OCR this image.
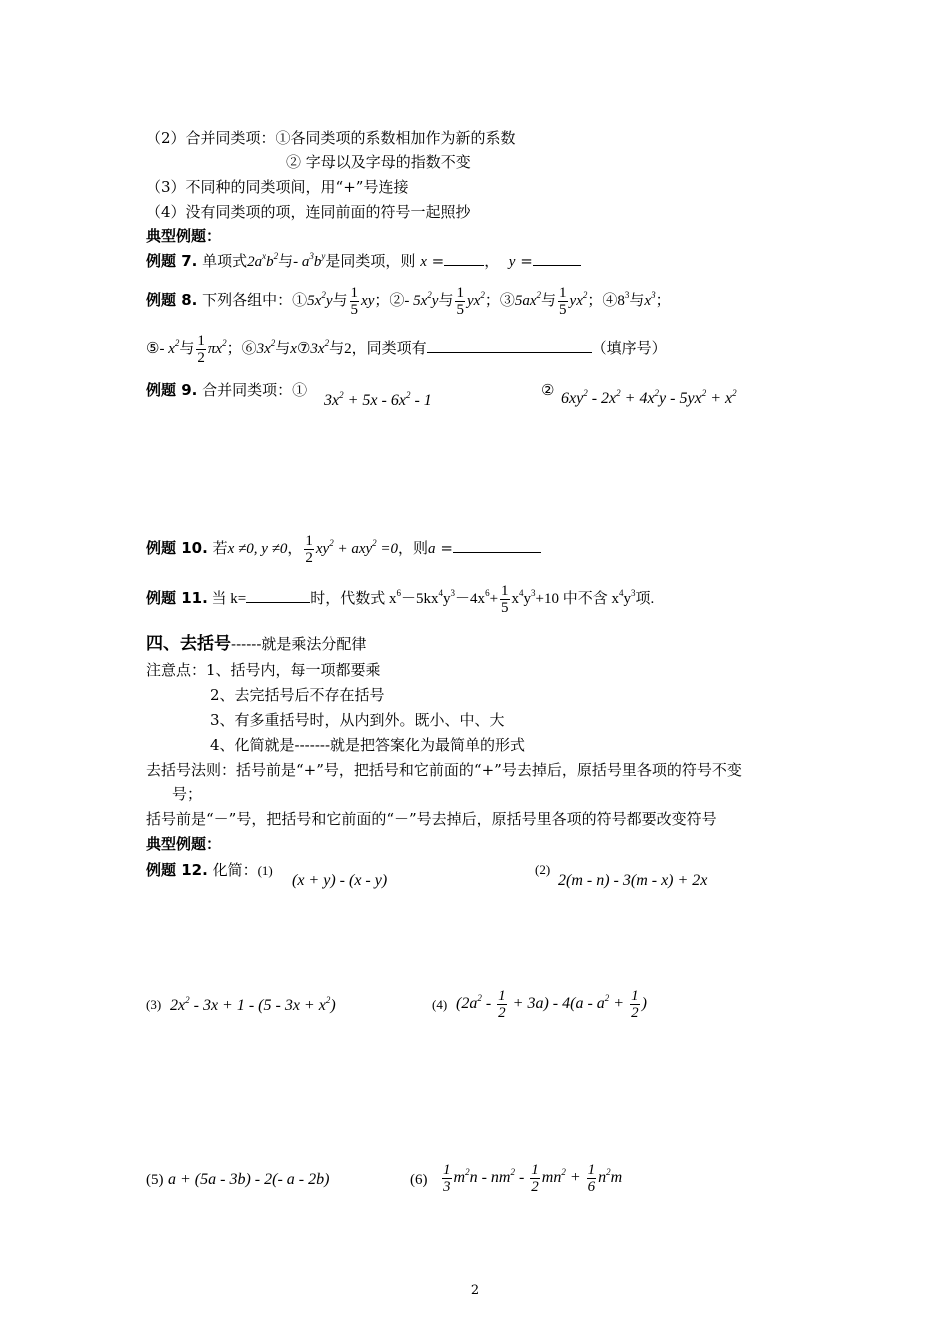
（2）合并同类项：①各同类项的系数相加作为新的系数
② 字母以及字母的指数不变
（3）不同种的同类项间，用“+”号连接
（4）没有同类项的项，连同前面的符号一起照抄
典型例题：
例题 7. 单项式$2a^xb^2$与- $a^3b^y$是同类项，则 x =	， y =
例题 8. 下列各组中：$①5x^2y$与 $\frac{1}{5}$ xy；②- $5x^2y$与 $\frac{1}{5} yx^2$；$③5ax^2$与 $\frac{1}{5} yx^2$；$④8^3$与$x^3$；
⑤- $x^2$与 $\frac{1}{2} \pi x^2$；$⑥3x^2$与$x⑦3x^2$与2，同类项有	（填序号）
例题 9. 合并同类项：①
$3x^2 + 5x - 6x^2 - 1$
② $6xy^2 - 2x^2 + 4x^2y - 5yx^2 + x^2$
例题 10. 若x ≠0, y ≠0， $\frac{1}{2} xy^2 + axy^2 =0$，则a =
例题 11. 当 k=	时，代数式 $x^6-5kx^4y^3-4x^6+ \frac{1}{5} x^4y^3+10$ 中不含 $x^4y^3$项.
四、去括号------就是乘法分配律
注意点：1、括号内，每一项都要乘
2、去完括号后不存在括号
3、有多重括号时，从内到外。既小、中、大
4、化简就是-------就是把答案化为最简单的形式
去括号法则：括号前是“+”号，把括号和它前面的“+”号去掉后，原括号里各项的符号不变
号；
括号前是“－”号，把括号和它前面的“－”号去掉后，原括号里各项的符号都要改变符号
典型例题：
例题 12. 化简：(1)
(x + y) - (x - y)
(2)
2(m - n) - 3(m - x) + 2x
(3) $2x^2 - 3x + 1 - (5 - 3x + x^2)$	(4) $(2a^2 - \frac{1}{2} + 3a) - 4(a - a^2 + \frac{1}{2}$ )
(5) a + (5a - 3b) - 2(- a - 2b)	$(6) \frac{1}{3} m^2n - nm^2 - \frac{1}{2} mn^2 + \frac{1}{6} n^2m$
2
